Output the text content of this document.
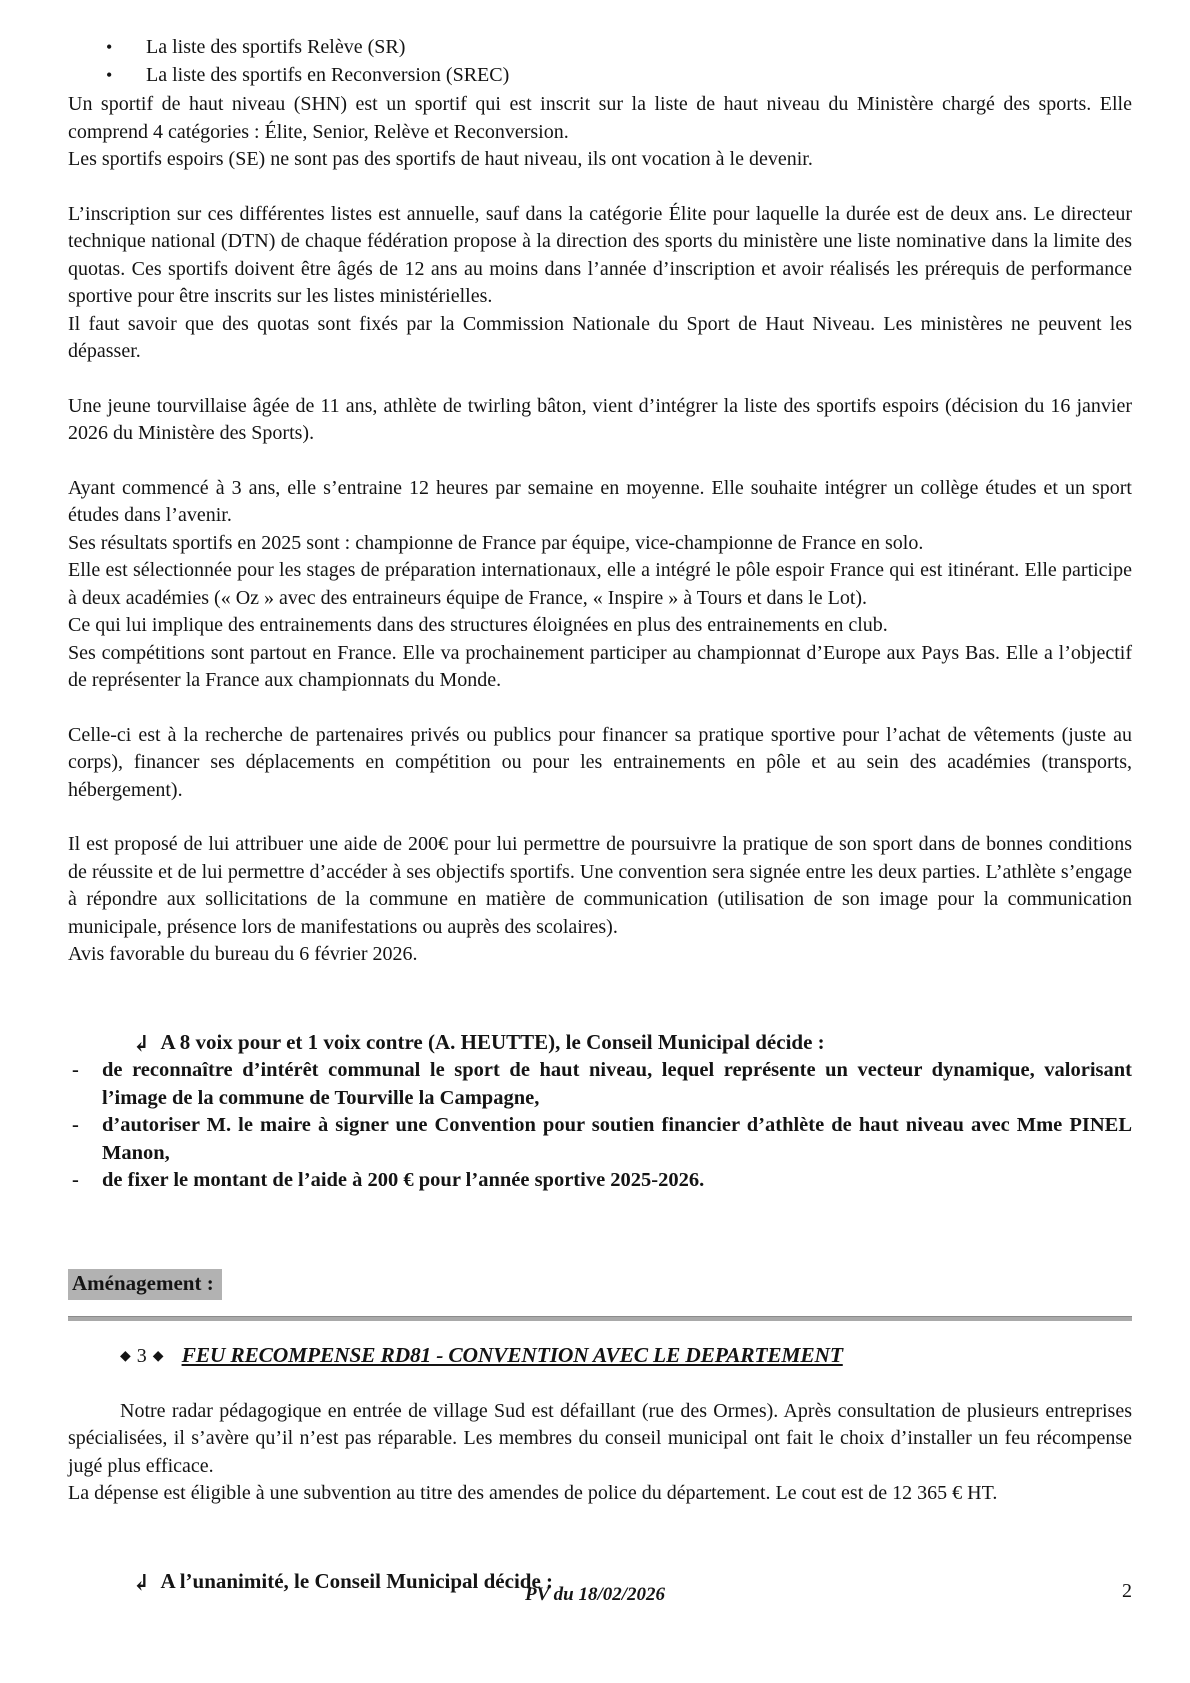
•	La liste des sportifs Relève (SR)
•	La liste des sportifs en Reconversion (SREC)

Un sportif de haut niveau (SHN) est un sportif qui est inscrit sur la liste de haut niveau du Ministère chargé des sports. Elle comprend 4 catégories : Élite, Senior, Relève et Reconversion.

Les sportifs espoirs (SE) ne sont pas des sportifs de haut niveau, ils ont vocation à le devenir.

L’inscription sur ces différentes listes est annuelle, sauf dans la catégorie Élite pour laquelle la durée est de deux ans. Le directeur technique national (DTN) de chaque fédération propose à la direction des sports du ministère une liste nominative dans la limite des quotas. Ces sportifs doivent être âgés de 12 ans au moins dans l’année d’inscription et avoir réalisés les prérequis de performance sportive pour être inscrits sur les listes ministérielles.

Il faut savoir que des quotas sont fixés par la Commission Nationale du Sport de Haut Niveau. Les ministères ne peuvent les dépasser.

Une jeune tourvillaise âgée de 11 ans, athlète de twirling bâton, vient d’intégrer la liste des sportifs espoirs (décision du 16 janvier 2026 du Ministère des Sports).

Ayant commencé à 3 ans, elle s’entraine 12 heures par semaine en moyenne. Elle souhaite intégrer un collège études et un sport études dans l’avenir.

Ses résultats sportifs en 2025 sont : championne de France par équipe, vice-championne de France en solo.

Elle est sélectionnée pour les stages de préparation internationaux, elle a intégré le pôle espoir France qui est itinérant. Elle participe à deux académies (« Oz » avec des entraineurs équipe de France, « Inspire » à Tours et dans le Lot).

Ce qui lui implique des entrainements dans des structures éloignées en plus des entrainements en club.

Ses compétitions sont partout en France. Elle va prochainement participer au championnat d’Europe aux Pays Bas. Elle a l’objectif de représenter la France aux championnats du Monde.

Celle-ci est à la recherche de partenaires privés ou publics pour financer sa pratique sportive pour l’achat de vêtements (juste au corps), financer ses déplacements en compétition ou pour les entrainements en pôle et au sein des académies (transports, hébergement).

Il est proposé de lui attribuer une aide de 200€ pour lui permettre de poursuivre la pratique de son sport dans de bonnes conditions de réussite et de lui permettre d’accéder à ses objectifs sportifs. Une convention sera signée entre les deux parties. L’athlète s’engage à répondre aux sollicitations de la commune en matière de communication (utilisation de son image pour la communication municipale, présence lors de manifestations ou auprès des scolaires).

Avis favorable du bureau du 6 février 2026.

↳ A 8 voix pour et 1 voix contre (A. HEUTTE), le Conseil Municipal décide :
-	de reconnaître d’intérêt communal le sport de haut niveau, lequel représente un vecteur dynamique, valorisant l’image de la commune de Tourville la Campagne,
-	d’autoriser M. le maire à signer une Convention pour soutien financier d’athlète de haut niveau avec Mme PINEL Manon,
-	de fixer le montant de l’aide à 200 € pour l’année sportive 2025-2026.
Aménagement :
◆ 3 ◆ FEU RECOMPENSE RD81 - CONVENTION AVEC LE DEPARTEMENT

Notre radar pédagogique en entrée de village Sud est défaillant (rue des Ormes). Après consultation de plusieurs entreprises spécialisées, il s’avère qu’il n’est pas réparable. Les membres du conseil municipal ont fait le choix d’installer un feu récompense jugé plus efficace.

La dépense est éligible à une subvention au titre des amendes de police du département. Le cout est de 12 365 € HT.

↳ A l’unanimité, le Conseil Municipal décide :
PV du 18/02/2026	2
